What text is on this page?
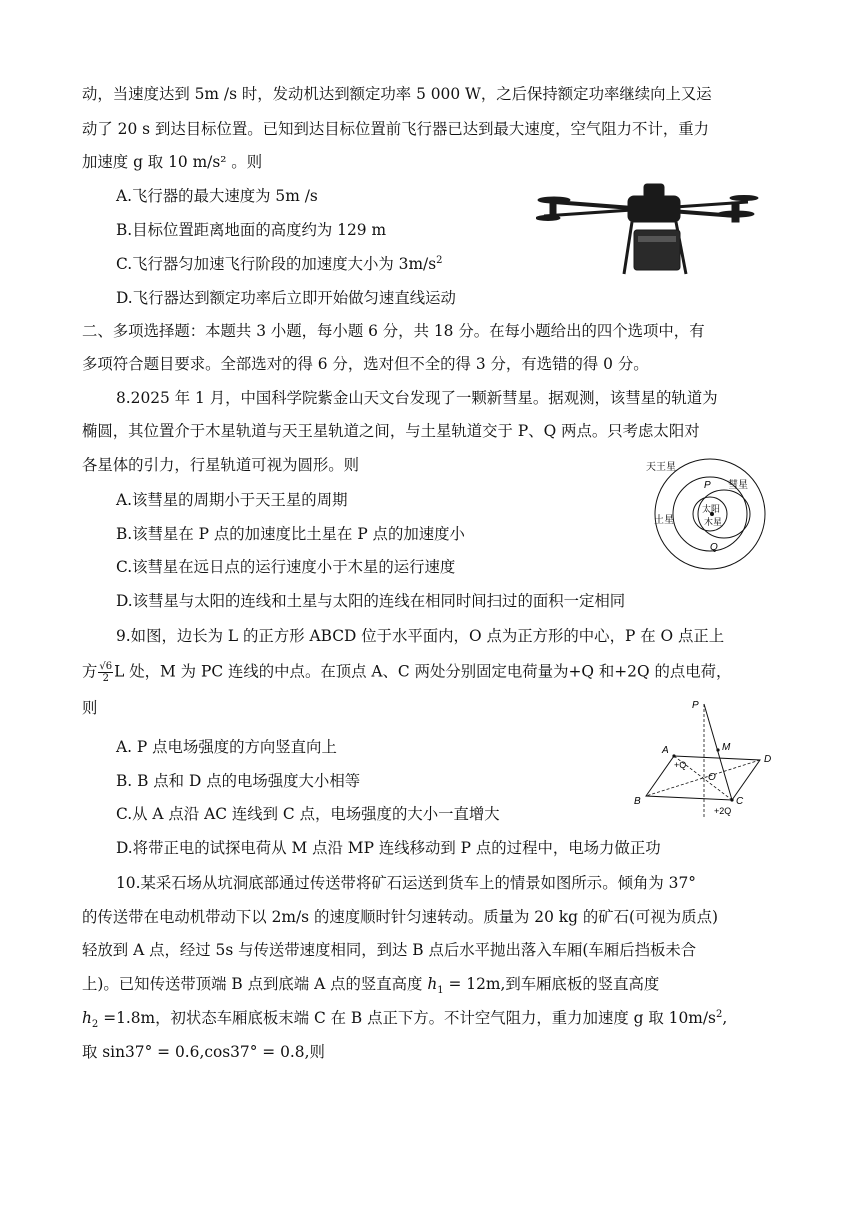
动，当速度达到 5m /s 时，发动机达到额定功率 5 000 W，之后保持额定功率继续向上又运
动了 20 s 到达目标位置。已知到达目标位置前飞行器已达到最大速度，空气阻力不计，重力
加速度 g 取 10 m/s² 。则
A.飞行器的最大速度为 5m /s
B.目标位置距离地面的高度约为 129 m
C.飞行器匀加速飞行阶段的加速度大小为 $3m/s^2$
D.飞行器达到额定功率后立即开始做匀速直线运动
二、多项选择题：本题共 3 小题，每小题 6 分，共 18 分。在每小题给出的四个选项中，有
多项符合题目要求。全部选对的得 6 分，选对但不全的得 3 分，有选错的得 0 分。
8.2025 年 1 月，中国科学院紫金山天文台发现了一颗新彗星。据观测，该彗星的轨道为
椭圆，其位置介于木星轨道与天王星轨道之间，与土星轨道交于 P、Q 两点。只考虑太阳对
各星体的引力，行星轨道可视为圆形。则
A.该彗星的周期小于天王星的周期
B.该彗星在 P 点的加速度比土星在 P 点的加速度小
C.该彗星在远日点的运行速度小于木星的运行速度
D.该彗星与太阳的连线和土星与太阳的连线在相同时间扫过的面积一定相同
天王星
P 彗星
土星
太阳
木星
Q
9.如图，边长为 L 的正方形 ABCD 位于水平面内，O 点为正方形的中心，P 在 O 点正上
方 $\frac{√6}{2}$ L 处，M 为 PC 连线的中点。在顶点 A、C 两处分别固定电荷量为+Q 和+2Q 的点电荷，
则
A. P 点电场强度的方向竖直向上
B. B 点和 D 点的电场强度大小相等
C.从 A 点沿 AC 连线到 C 点，电场强度的大小一直增大
D.将带正电的试探电荷从 M 点沿 MP 连线移动到 P 点的过程中，电场力做正功
P
M
A
D
+Q
O
B	C
+2Q
10.某采石场从坑洞底部通过传送带将矿石运送到货车上的情景如图所示。倾角为 37°
的传送带在电动机带动下以 2m/s 的速度顺时针匀速转动。质量为 20 kg 的矿石(可视为质点)
轻放到 A 点，经过 5s 与传送带速度相同，到达 B 点后水平抛出落入车厢(车厢后挡板未合
上)。已知传送带顶端 B 点到底端 A 点的竖直高度 $h_1 = 12m$,到车厢底板的竖直高度
$h_2 =1.8m$，初状态车厢底板末端 C 在 B 点正下方。不计空气阻力，重力加速度 g 取 $10m/s^2$,
取 sin37° = 0.6,cos37° = 0.8,则
